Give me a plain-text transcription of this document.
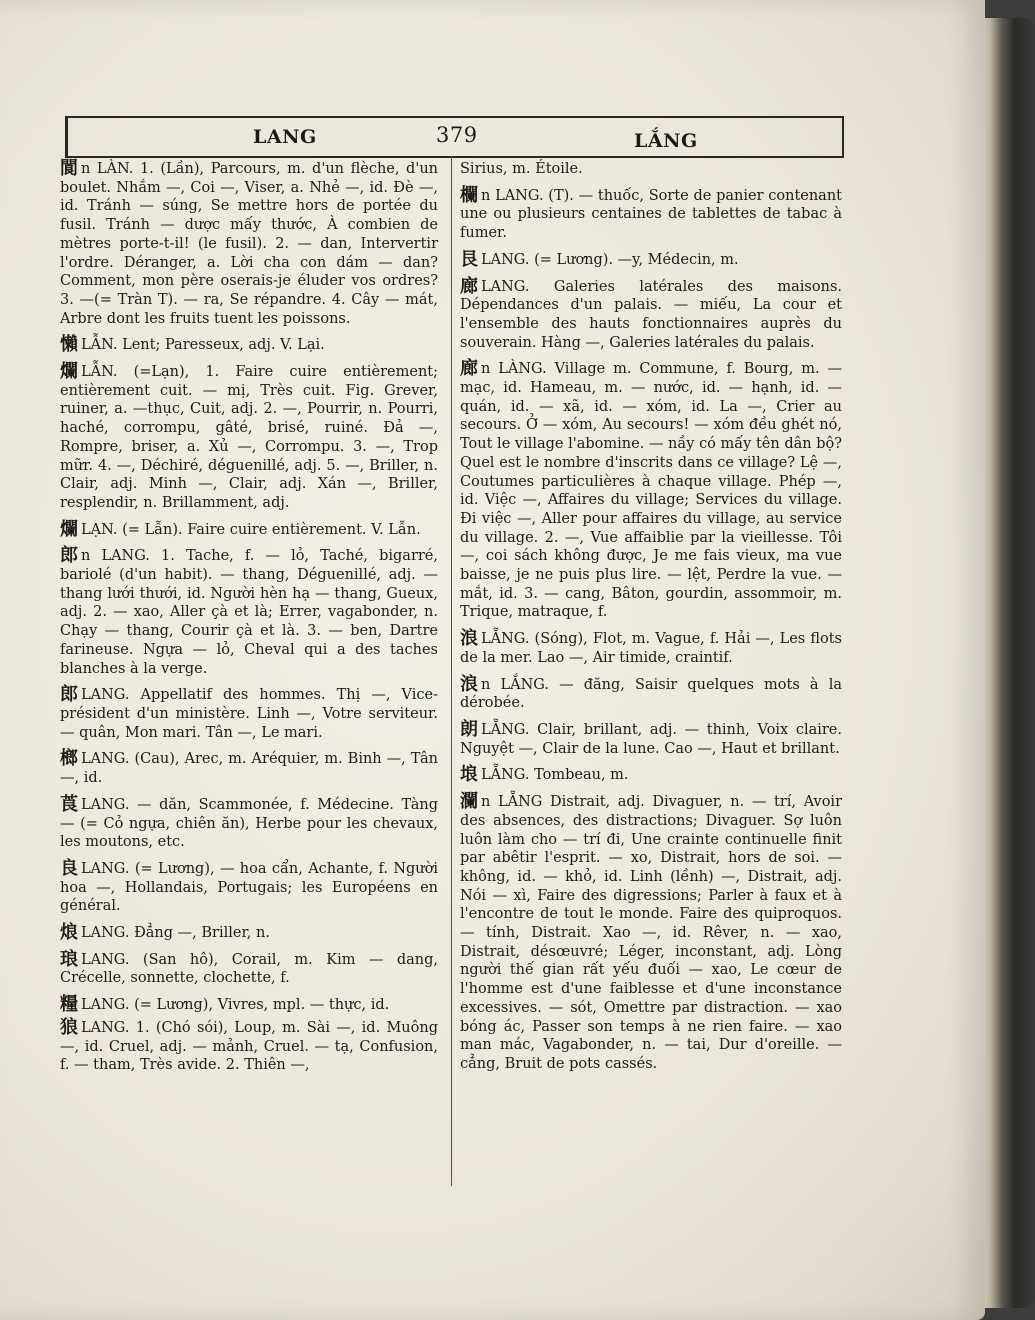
LANG	379	LẮNG

閬 n LÀN. 1. (Lần), Parcours, m. d'un flèche, d'un boulet. Nhắm —, Coi —, Viser, a. Nhẻ —, id. Đè —, id. Tránh — súng, Se mettre hors de portée du fusil. Tránh — dược mấy thước, À combien de mètres porte-t-il! (le fusil). 2. — dan, Intervertir l'ordre. Déranger, a. Lời cha con dám — dan? Comment, mon père oserais-je éluder vos ordres? 3. —(= Tràn T). — ra, Se répandre. 4. Cây — mát, Arbre dont les fruits tuent les poissons.

懶 LẪN. Lent; Paresseux, adj. V. Lại.

爛 LẪN. (=Lạn), 1. Faire cuire entièrement; entièrement cuit. — mị, Très cuit. Fig. Grever, ruiner, a. —thục, Cuit, adj. 2. —, Pourrir, n. Pourri, haché, corrompu, gâté, brisé, ruiné. Đả —, Rompre, briser, a. Xủ —, Corrompu. 3. —, Trop mữr. 4. —, Déchiré, déguenillé, adj. 5. —, Briller, n. Clair, adj. Minh —, Clair, adj. Xán —, Briller, resplendir, n. Brillamment, adj.

爛 LẠN. (= Lẫn). Faire cuire entièrement. V. Lẫn.

郎 n LANG. 1. Tache, f. — lỏ, Taché, bigarré, bariolé (d'un habit). — thang, Déguenillé, adj. — thang lưới thưới, id. Người hèn hạ — thang, Gueux, adj. 2. — xao, Aller çà et là; Errer, vagabonder, n. Chạy — thang, Courir çà et là. 3. — ben, Dartre farineuse. Ngựa — lỏ, Cheval qui a des taches blanches à la verge.

郎 LANG. Appellatif des hommes. Thị —, Vice-président d'un ministère. Linh —, Votre serviteur. — quân, Mon mari. Tân —, Le mari.

榔 LANG. (Cau), Arec, m. Aréquier, m. Binh —, Tân —, id.

莨 LANG. — dăn, Scammonée, f. Médecine. Tàng — (= Cỏ ngựa, chiên ăn), Herbe pour les chevaux, les moutons, etc.

良 LANG. (= Lương), — hoa cẩn, Achante, f. Người hoa —, Hollandais, Portugais; les Européens en général.

烺 LANG. Đẳng —, Briller, n.

琅 LANG. (San hô), Corail, m. Kim — dang, Crécelle, sonnette, clochette, f.

糧 LANG. (= Lương), Vivres, mpl. — thực, id.

狼 LANG. 1. (Chó sói), Loup, m. Sài —, id. Muông —, id. Cruel, adj. — mảnh, Cruel. — tạ, Confusion, f. — tham, Très avide. 2. Thiên —,

Sirius, m. Étoile.

欄 n LANG. (T). — thuốc, Sorte de panier contenant une ou plusieurs centaines de tablettes de tabac à fumer.

艮 LANG. (= Lương). —y, Médecin, m.

廊 LANG. Galeries latérales des maisons. Dépendances d'un palais. — miếu, La cour et l'ensemble des hauts fonctionnaires auprès du souverain. Hàng —, Galeries latérales du palais.

廊 n LÀNG. Village m. Commune, f. Bourg, m. — mạc, id. Hameau, m. — nước, id. — hạnh, id. — quán, id. — xã, id. — xóm, id. La —, Crier au secours. Ở — xóm, Au secours! — xóm đều ghét nó, Tout le village l'abomine. — nầy có mấy tên dân bộ? Quel est le nombre d'inscrits dans ce village? Lệ —, Coutumes particulières à chaque village. Phép —, id. Việc —, Affaires du village; Services du village. Đi việc —, Aller pour affaires du village, au service du village. 2. —, Vue affaiblie par la vieillesse. Tôi —, coi sách không được, Je me fais vieux, ma vue baisse, je ne puis plus lire. — lệt, Perdre la vue. — mắt, id. 3. — cang, Bâton, gourdin, assommoir, m. Trique, matraque, f.

浪 LẴNG. (Sóng), Flot, m. Vague, f. Hải —, Les flots de la mer. Lao —, Air timide, craintif.

浪 n LẮNG. — đăng, Saisir quelques mots à la dérobée.

朗 LẴNG. Clair, brillant, adj. — thinh, Voix claire. Nguyệt —, Clair de la lune. Cao —, Haut et brillant.

埌 LẴNG. Tombeau, m.

瀾 n LẴNG Distrait, adj. Divaguer, n. — trí, Avoir des absences, des distractions; Divaguer. Sợ luôn luôn làm cho — trí đi, Une crainte continuelle finit par abêtir l'esprit. — xo, Distrait, hors de soi. — không, id. — khỏ, id. Linh (lềnh) —, Distrait, adj. Nói — xì, Faire des digressions; Parler à faux et à l'encontre de tout le monde. Faire des quiproquos. — tính, Distrait. Xao —, id. Rêver, n. — xao, Distrait, désœuvré; Léger, inconstant, adj. Lòng người thế gian rất yếu đuối — xao, Le cœur de l'homme est d'une faiblesse et d'une inconstance excessives. — sót, Omettre par distraction. — xao bóng ác, Passer son temps à ne rien faire. — xao man mác, Vagabonder, n. — tai, Dur d'oreille. — cẳng, Bruit de pots cassés.
